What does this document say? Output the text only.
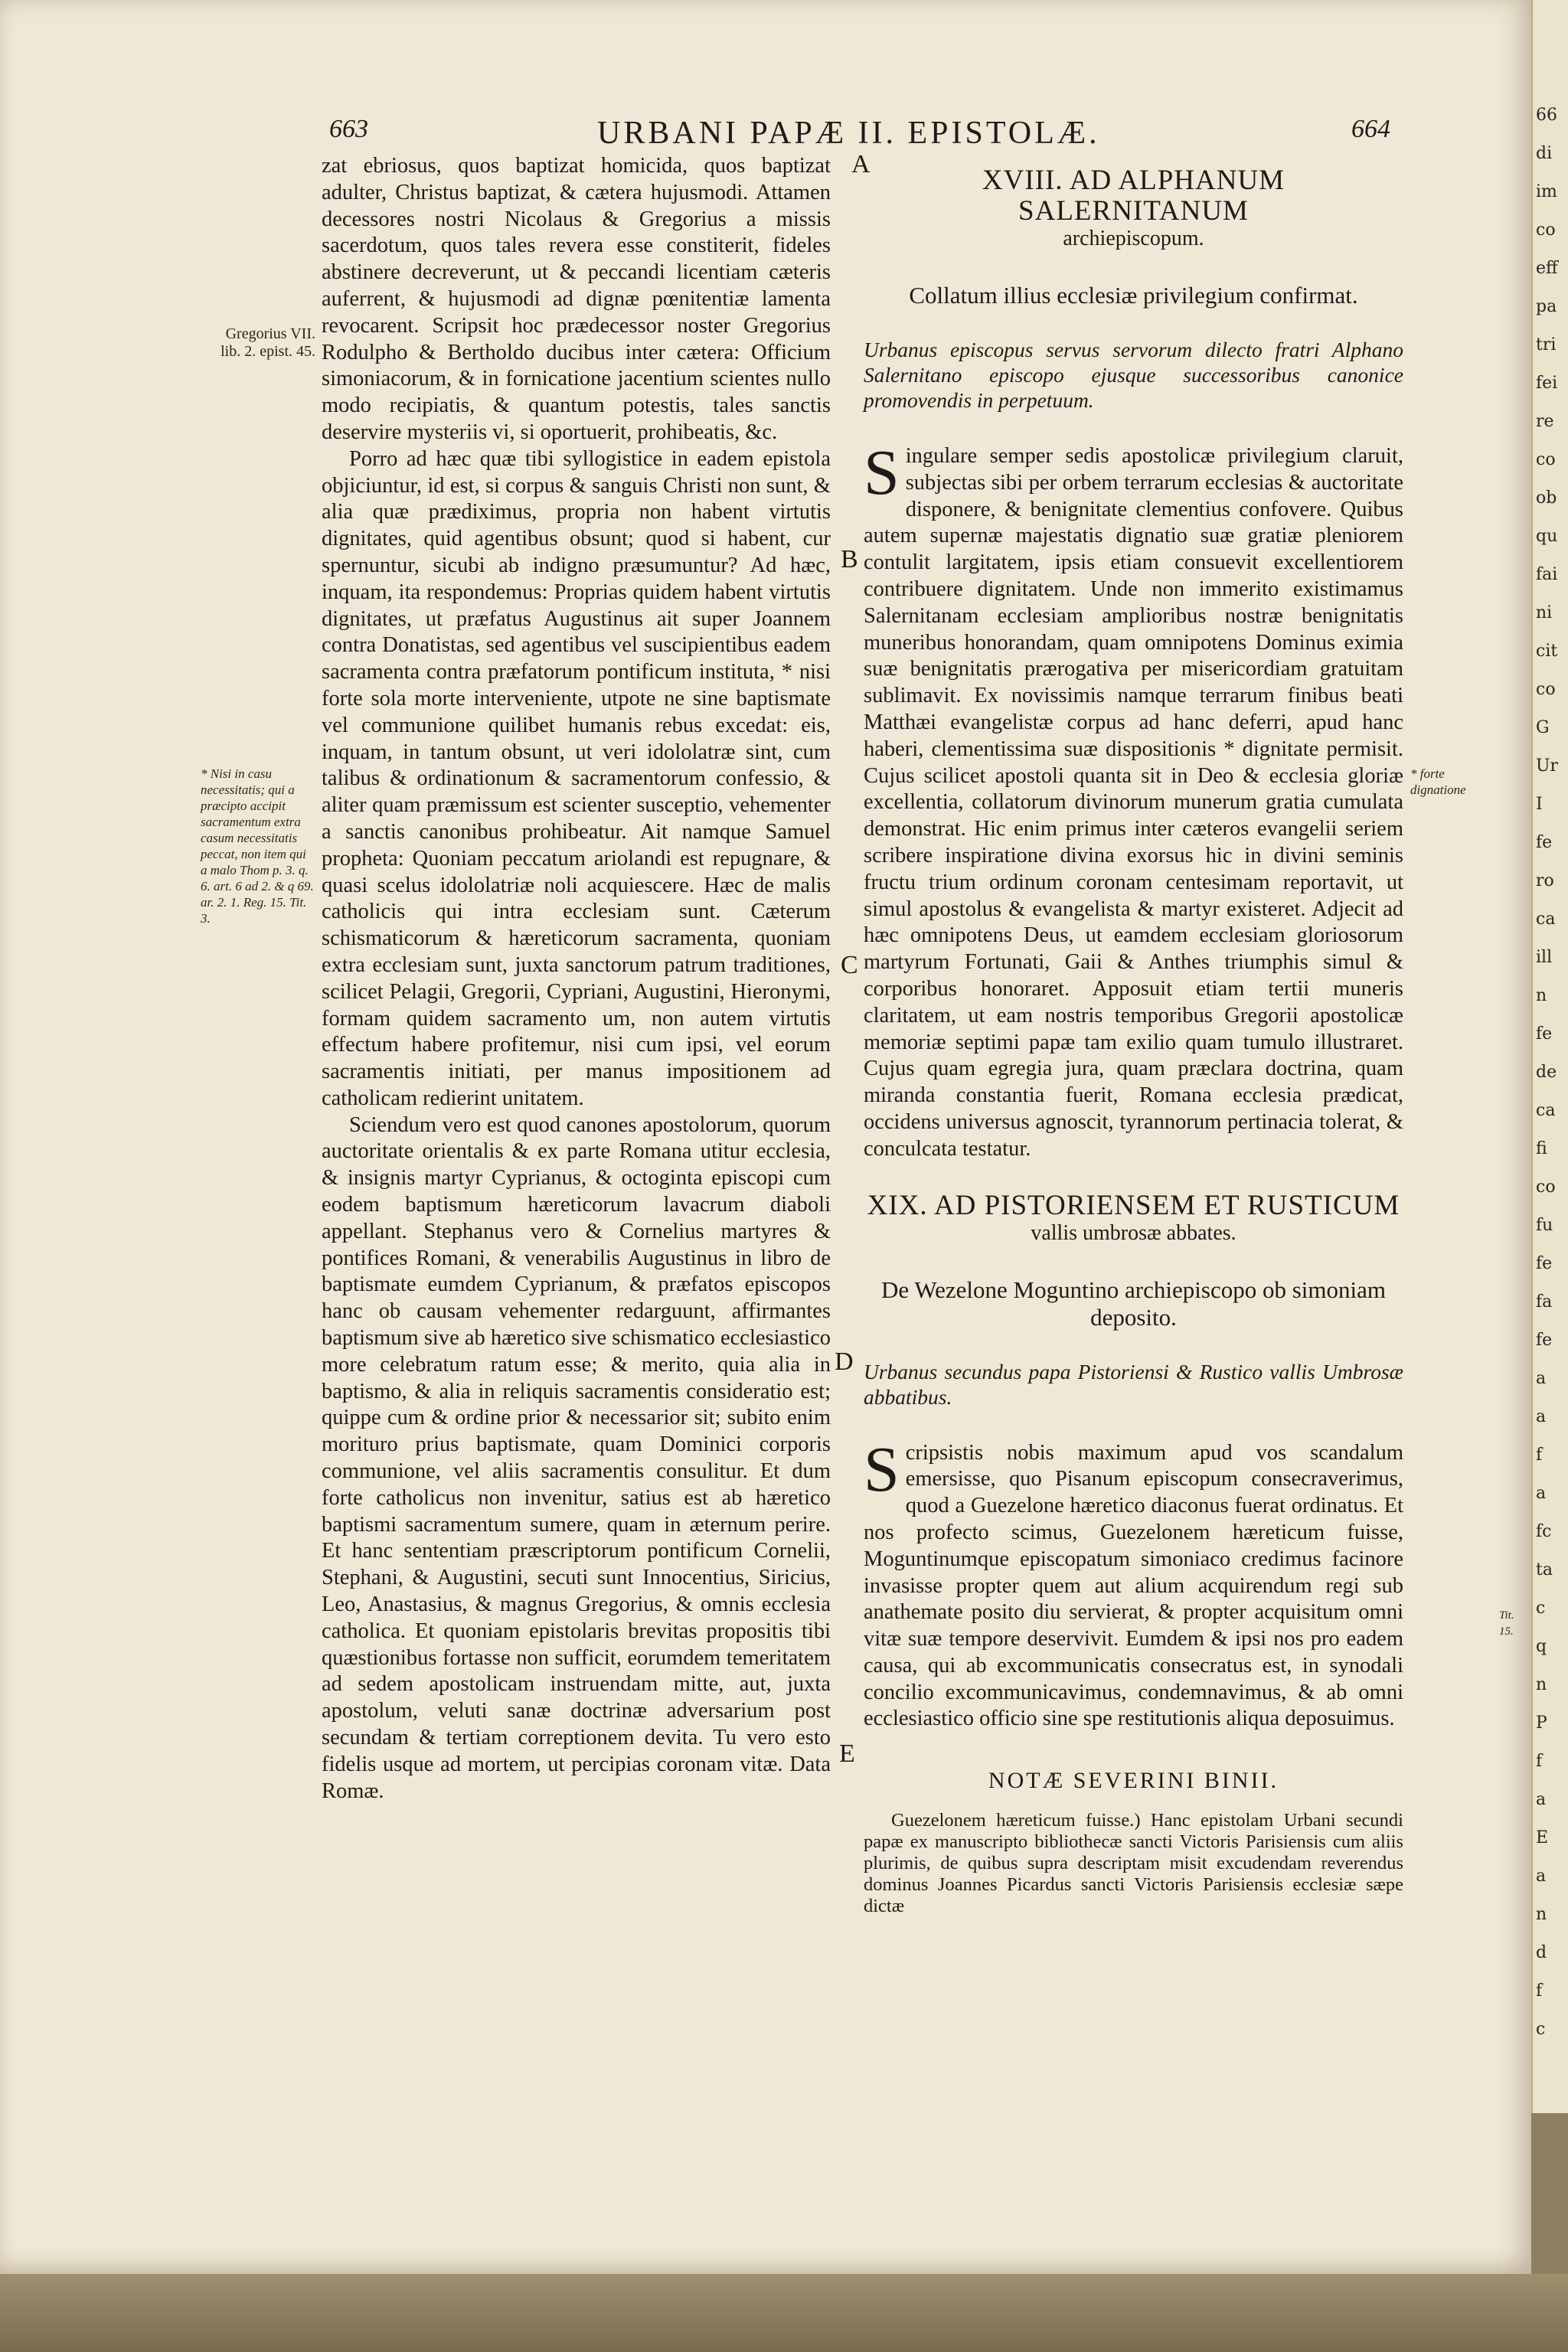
663	URBANI PAPÆ II. EPISTOLÆ.	664
Gregorius VII. lib. 2. epist. 45.
* Nisi in casu necessitatis; qui a præcipto accipit sacramentum extra casum necessitatis peccat, non item qui a malo Thom p. 3. q. 6. art. 6 ad 2. & q 69. ar. 2. 1. Reg. 15. Tit. 3.
* forte dignatione
Tit. 15.
A
B
C
D
E

zat ebriosus, quos baptizat homicida, quos baptizat adulter, Christus baptizat, & cætera hujusmodi. Attamen decessores nostri Nicolaus & Gregorius a missis sacerdotum, quos tales revera esse constiterit, fideles abstinere decreverunt, ut & peccandi licentiam cæteris auferrent, & hujusmodi ad dignæ pœnitentiæ lamenta revocarent. Scripsit hoc prædecessor noster Gregorius Rodulpho & Bertholdo ducibus inter cætera: Officium simoniacorum, & in fornicatione jacentium scientes nullo modo recipiatis, & quantum potestis, tales sanctis deservire mysteriis vi, si oportuerit, prohibeatis, &c.

Porro ad hæc quæ tibi syllogistice in eadem epistola objiciuntur, id est, si corpus & sanguis Christi non sunt, & alia quæ prædiximus, propria non habent virtutis dignitates, quid agentibus obsunt; quod si habent, cur spernuntur, sicubi ab indigno præsumuntur? Ad hæc, inquam, ita respondemus: Proprias quidem habent virtutis dignitates, ut præfatus Augustinus ait super Joannem contra Donatistas, sed agentibus vel suscipientibus eadem sacramenta contra præfatorum pontificum instituta, * nisi forte sola morte interveniente, utpote ne sine baptismate vel communione quilibet humanis rebus excedat: eis, inquam, in tantum obsunt, ut veri idololatræ sint, cum talibus & ordinationum & sacramentorum confessio, & aliter quam præmissum est scienter susceptio, vehementer a sanctis canonibus prohibeatur. Ait namque Samuel propheta: Quoniam peccatum ariolandi est repugnare, & quasi scelus idololatriæ noli acquiescere. Hæc de malis catholicis qui intra ecclesiam sunt. Cæterum schismaticorum & hæreticorum sacramenta, quoniam extra ecclesiam sunt, juxta sanctorum patrum traditiones, scilicet Pelagii, Gregorii, Cypriani, Augustini, Hieronymi, formam quidem sacramento um, non autem virtutis effectum habere profitemur, nisi cum ipsi, vel eorum sacramentis initiati, per manus impositionem ad catholicam redierint unitatem.

Sciendum vero est quod canones apostolorum, quorum auctoritate orientalis & ex parte Romana utitur ecclesia, & insignis martyr Cyprianus, & octoginta episcopi cum eodem baptismum hæreticorum lavacrum diaboli appellant. Stephanus vero & Cornelius martyres & pontifices Romani, & venerabilis Augustinus in libro de baptismate eumdem Cyprianum, & præfatos episcopos hanc ob causam vehementer redarguunt, affirmantes baptismum sive ab hæretico sive schismatico ecclesiastico more celebratum ratum esse; & merito, quia alia in baptismo, & alia in reliquis sacramentis consideratio est; quippe cum & ordine prior & necessarior sit; subito enim morituro prius baptismate, quam Dominici corporis communione, vel aliis sacramentis consulitur. Et dum forte catholicus non invenitur, satius est ab hæretico baptismi sacramentum sumere, quam in æternum perire. Et hanc sententiam præscriptorum pontificum Cornelii, Stephani, & Augustini, secuti sunt Innocentius, Siricius, Leo, Anastasius, & magnus Gregorius, & omnis ecclesia catholica. Et quoniam epistolaris brevitas propositis tibi quæstionibus fortasse non sufficit, eorumdem temeritatem ad sedem apostolicam instruendam mitte, aut, juxta apostolum, veluti sanæ doctrinæ adversarium post secundam & tertiam correptionem devita. Tu vero esto fidelis usque ad mortem, ut percipias coronam vitæ. Data Romæ.

XVIII. AD ALPHANUM SALERNITANUM
archiepiscopum.
Collatum illius ecclesiæ privilegium confirmat.
Urbanus episcopus servus servorum dilecto fratri Alphano Salernitano episcopo ejusque successoribus canonice promovendis in perpetuum.

Singulare semper sedis apostolicæ privilegium claruit, subjectas sibi per orbem terrarum ecclesias & auctoritate disponere, & benignitate clementius confovere. Quibus autem supernæ majestatis dignatio suæ gratiæ pleniorem contulit largitatem, ipsis etiam consuevit excellentiorem contribuere dignitatem. Unde non immerito existimamus Salernitanam ecclesiam amplioribus nostræ benignitatis muneribus honorandam, quam omnipotens Dominus eximia suæ benignitatis prærogativa per misericordiam gratuitam sublimavit. Ex novissimis namque terrarum finibus beati Matthæi evangelistæ corpus ad hanc deferri, apud hanc haberi, clementissima suæ dispositionis * dignitate permisit. Cujus scilicet apostoli quanta sit in Deo & ecclesia gloriæ excellentia, collatorum divinorum munerum gratia cumulata demonstrat. Hic enim primus inter cæteros evangelii seriem scribere inspiratione divina exorsus hic in divini seminis fructu trium ordinum coronam centesimam reportavit, ut simul apostolus & evangelista & martyr existeret. Adjecit ad hæc omnipotens Deus, ut eamdem ecclesiam gloriosorum martyrum Fortunati, Gaii & Anthes triumphis simul & corporibus honoraret. Apposuit etiam tertii muneris claritatem, ut eam nostris temporibus Gregorii apostolicæ memoriæ septimi papæ tam exilio quam tumulo illustraret. Cujus quam egregia jura, quam præclara doctrina, quam miranda constantia fuerit, Romana ecclesia prædicat, occidens universus agnoscit, tyrannorum pertinacia tolerat, & conculcata testatur.

XIX. AD PISTORIENSEM ET RUSTICUM
vallis umbrosæ abbates.
De Wezelone Moguntino archiepiscopo ob simoniam deposito.
Urbanus secundus papa Pistoriensi & Rustico vallis Umbrosæ abbatibus.

Scripsistis nobis maximum apud vos scandalum emersisse, quo Pisanum episcopum consecraverimus, quod a Guezelone hæretico diaconus fuerat ordinatus. Et nos profecto scimus, Guezelonem hæreticum fuisse, Moguntinumque episcopatum simoniaco credimus facinore invasisse propter quem aut alium acquirendum regi sub anathemate posito diu servierat, & propter acquisitum omni vitæ suæ tempore deservivit. Eumdem & ipsi nos pro eadem causa, qui ab excommunicatis consecratus est, in synodali concilio excommunicavimus, condemnavimus, & ab omni ecclesiastico officio sine spe restitutionis aliqua deposuimus.

NOTÆ SEVERINI BINII.

Guezelonem hæreticum fuisse.) Hanc epistolam Urbani secundi papæ ex manuscripto bibliothecæ sancti Victoris Parisiensis cum aliis plurimis, de quibus supra descriptam misit excudendam reverendus dominus Joannes Picardus sancti Victoris Parisiensis ecclesiæ sæpe dictæ

66
di
im
co
eff
pa
tri
fei
re
co
ob
qu
fai
ni
cit
co
G
Ur
I
fe
ro
ca
ill
n
fe
de
ca
fi
co
fu
fe
fa
fe
a
a
f
a
fc
ta
c
q
n
P
f
a
E
a
n
d
f
c
